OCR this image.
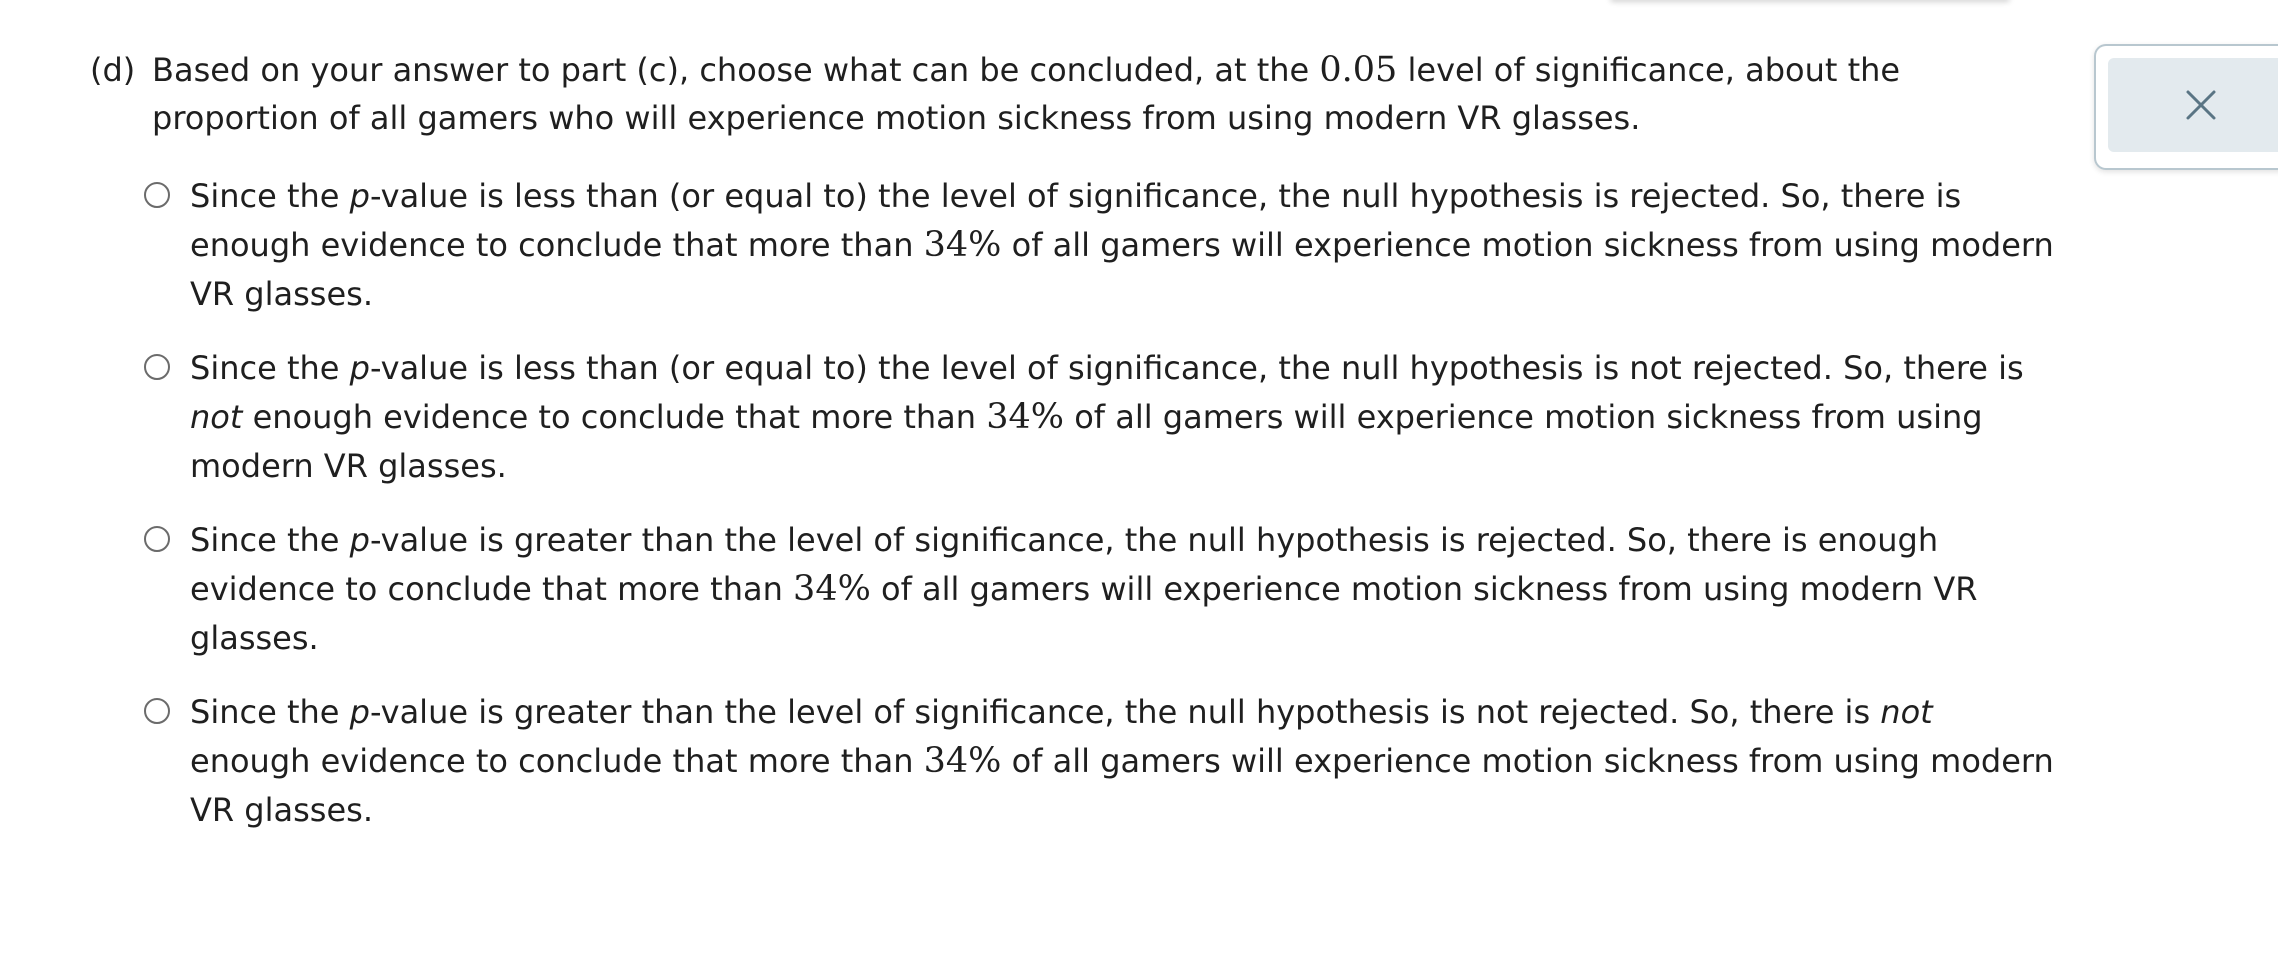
(d) Based on your answer to part (c), choose what can be concluded, at the 0.05 level of significance, about the proportion of all gamers who will experience motion sickness from using modern VR glasses.
Since the p-value is less than (or equal to) the level of significance, the null hypothesis is rejected. So, there is enough evidence to conclude that more than 34% of all gamers will experience motion sickness from using modern VR glasses.
Since the p-value is less than (or equal to) the level of significance, the null hypothesis is not rejected. So, there is not enough evidence to conclude that more than 34% of all gamers will experience motion sickness from using modern VR glasses.
Since the p-value is greater than the level of significance, the null hypothesis is rejected. So, there is enough evidence to conclude that more than 34% of all gamers will experience motion sickness from using modern VR glasses.
Since the p-value is greater than the level of significance, the null hypothesis is not rejected. So, there is not enough evidence to conclude that more than 34% of all gamers will experience motion sickness from using modern VR glasses.
